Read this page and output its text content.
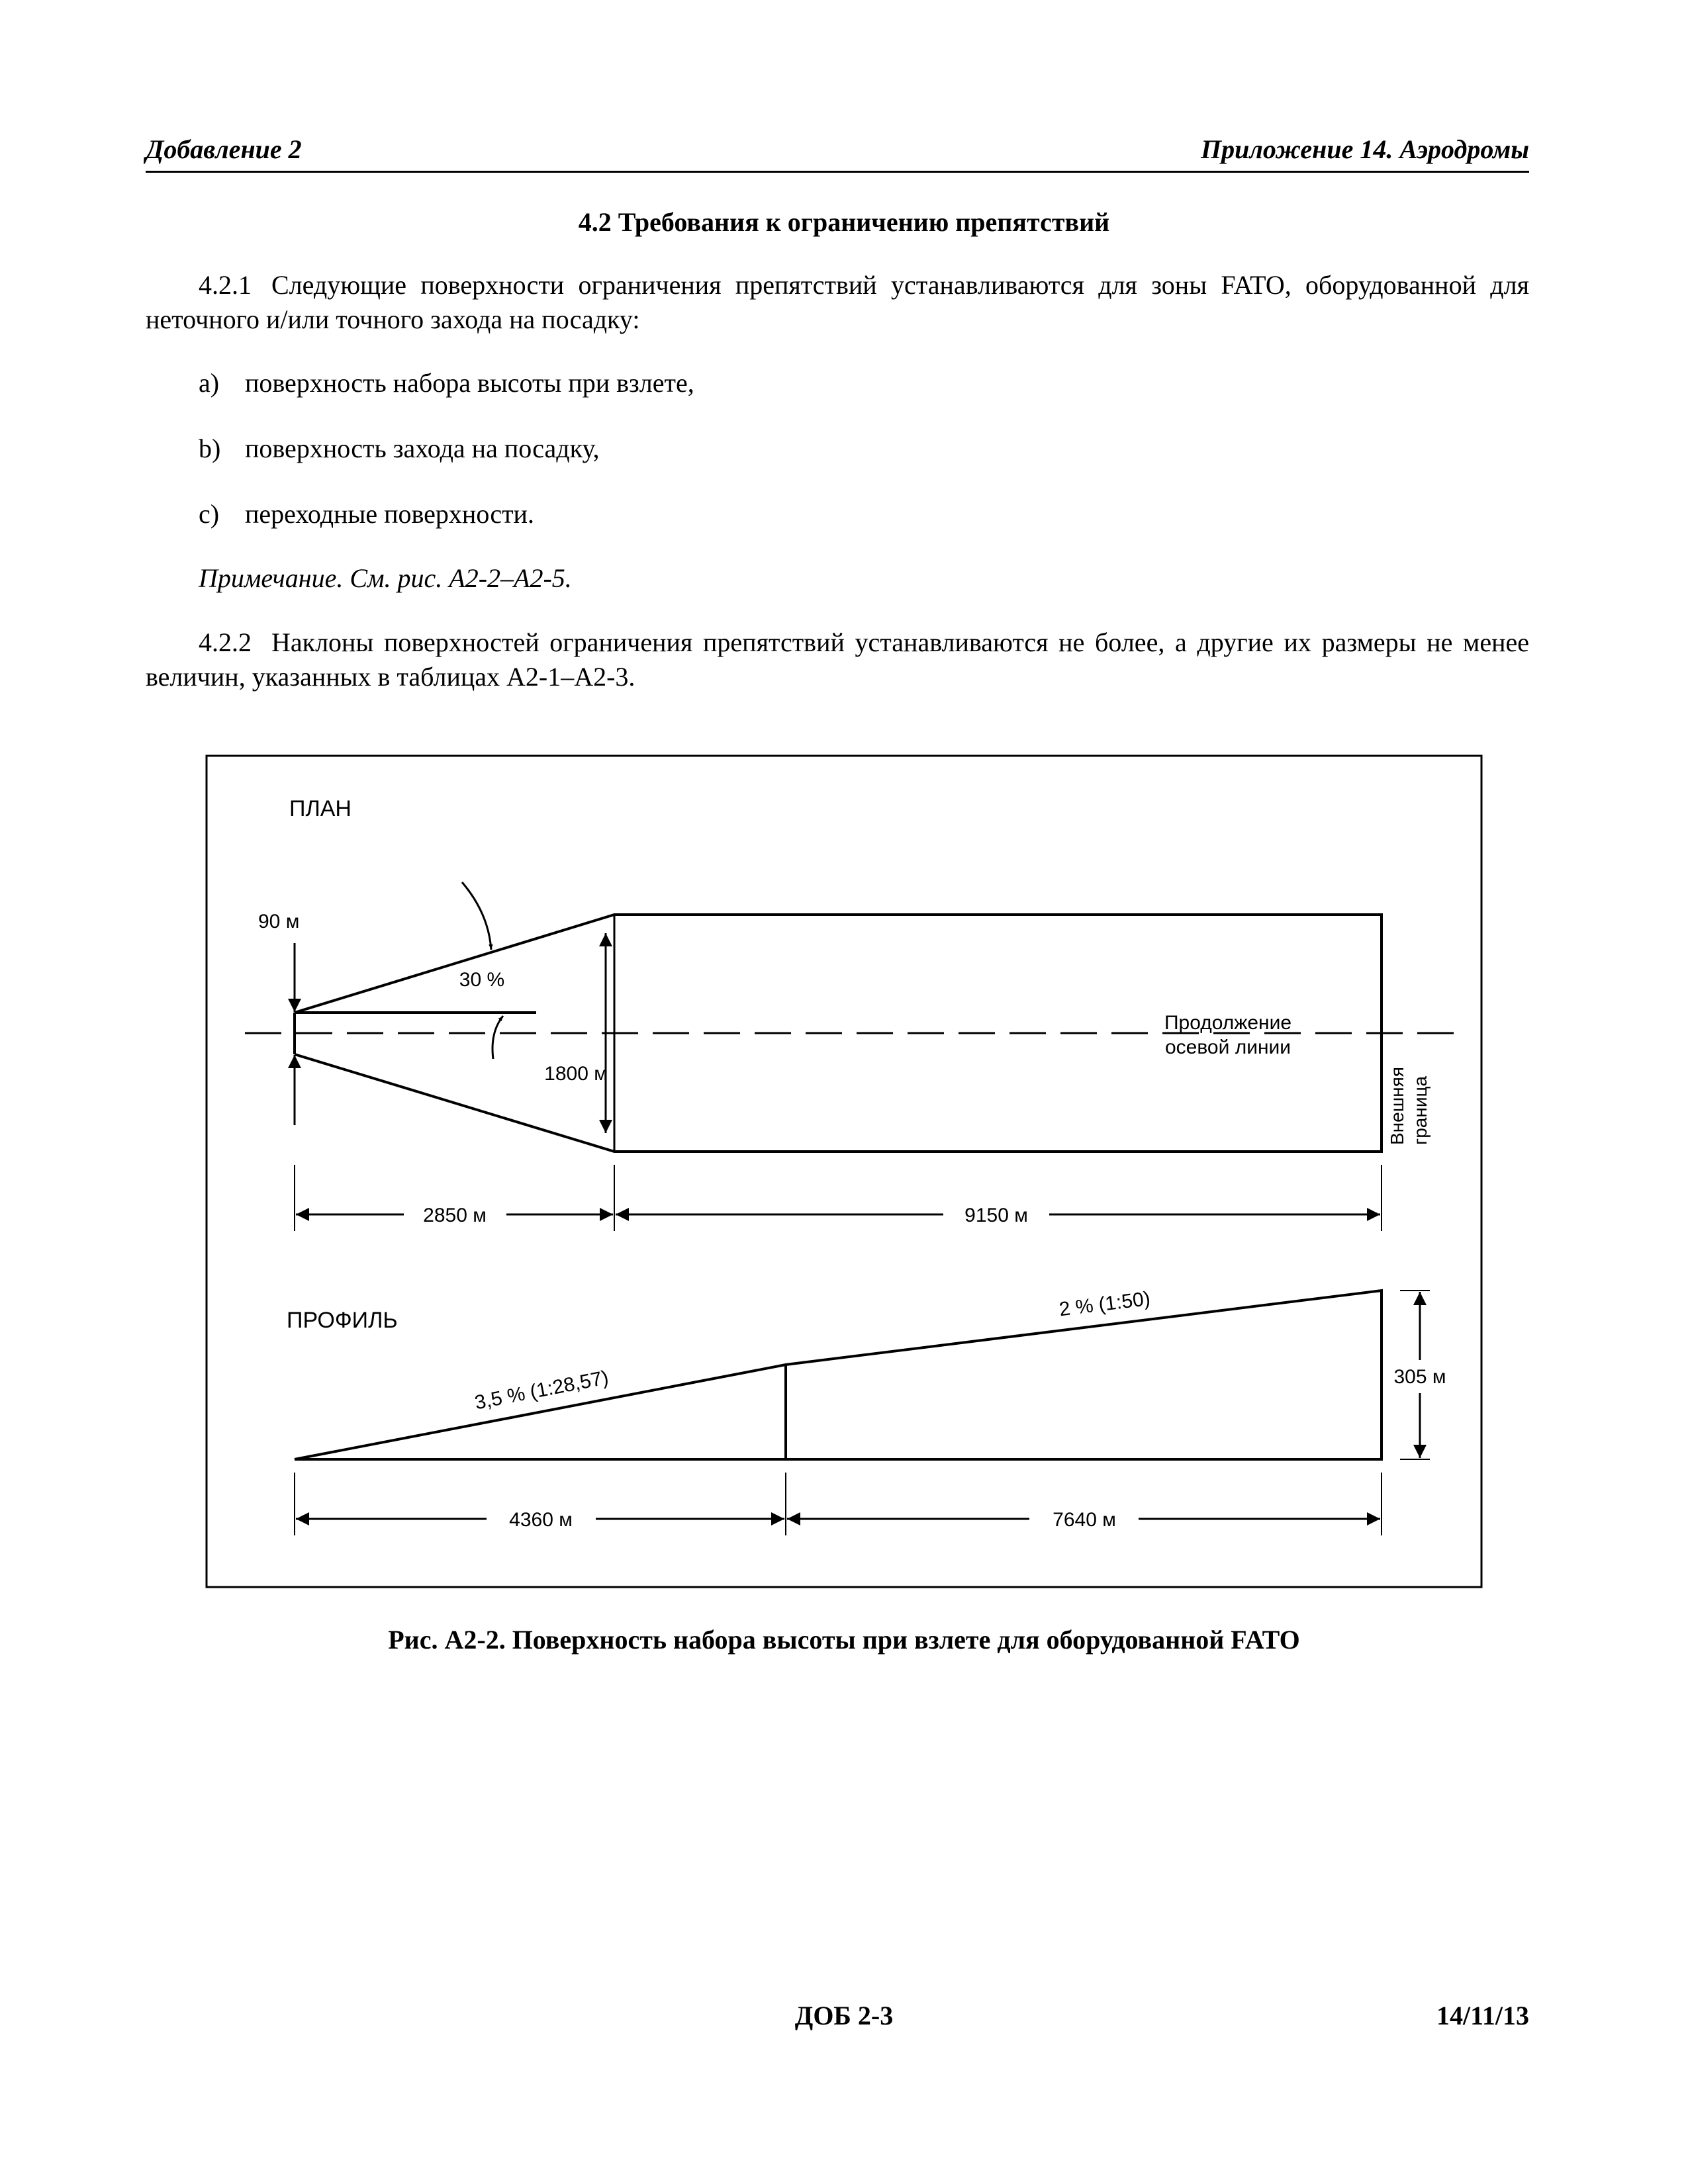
Добавление 2	Приложение 14. Аэродромы
4.2 Требования к ограничению препятствий
4.2.1 Следующие поверхности ограничения препятствий устанавливаются для зоны FATO, оборудованной для неточного и/или точного захода на посадку:
a) поверхность набора высоты при взлете,
b) поверхность захода на посадку,
c) переходные поверхности.
Примечание. См. рис. А2-2–А2-5.
4.2.2 Наклоны поверхностей ограничения препятствий устанавливаются не более, а другие их размеры не менее величин, указанных в таблицах А2-1–А2-3.
ПЛАН
30 %
90 м
1800 м
Продолжение
осевой линии
Внешняя граница
2850 м	9150 м
ПРОФИЛЬ
3,5 % (1:28,57)
2 % (1:50)
305 м
4360 м	7640 м
Рис. А2-2. Поверхность набора высоты при взлете для оборудованной FATO
ДОБ 2-3	14/11/13
